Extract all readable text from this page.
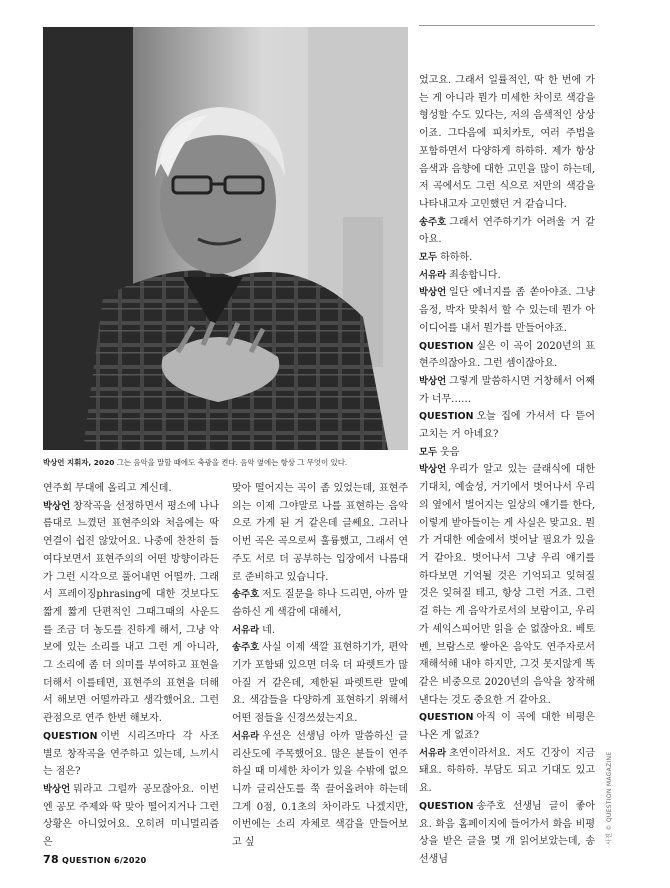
박상언 지휘자, 2020 그는 음악을 말할 때에도 축광을 켠다. 음악 옆에는 항상 그 무엇이 있다.

연주회 무대에 올리고 계신데.

박상언 창작곡을 선정하면서 평소에 나나름대로 느꼈던 표현주의와 처음에는 딱 연결이 쉽진 않았어요. 나중에 찬찬히 들여다보면서 표현주의의 어떤 방향이라든가 그런 시각으로 풀어내면 어떨까. 그래서 프레이징phrasing에 대한 것보다도 짧게 짧게 단편적인 그때그때의 사운드를 조금 더 농도를 진하게 해서, 그냥 악보에 있는 소리를 내고 그런 게 아니라, 그 소리에 좀 더 의미를 부여하고 표현을 더해서 이를테면, 표현주의 표현을 더해서 해보면 어떨까라고 생각했어요. 그런 관점으로 연주 한번 해보자.

QUESTION 이번 시리즈마다 각 사조 별로 창작곡을 연주하고 있는데, 느끼시는 점은?

박상언 뭐라고 그럴까 공모잖아요. 이번엔 공모 주제와 딱 맞아 떨어지거나 그런 상황은 아니었어요. 오히려 미니멀리즘은

맞아 떨어지는 곡이 좀 있었는데, 표현주의는 이제 그야말로 나를 표현하는 음악으로 가게 된 거 같은데 글쎄요. 그러나 이번 곡은 곡으로써 훌륭했고, 그래서 연주도 서로 더 공부하는 입장에서 나름대로 준비하고 있습니다.

송주호 저도 질문을 하나 드리면, 아까 말씀하신 게 색감에 대해서,

서유라 네.

송주호 사실 이제 색깔 표현하기가, 편악기가 포함돼 있으면 더욱 더 파렛트가 많아질 거 같은데, 제한된 파렛트란 말예요. 색감들을 다양하게 표현하기 위해서 어떤 점들을 신경쓰셨는지요.

서유라 우선은 선생님 아까 말씀하신 글리산도에 주목했어요. 많은 분들이 연주하실 때 미세한 차이가 있을 수밖에 없으니까 글리산도를 쭉 끌어올려야 하는데 그게 0점, 0.1초의 차이라도 나겠지만, 이번에는 소리 자체로 색감을 만들어보고 싶

었고요. 그래서 일률적인, 딱 한 번에 가는 게 아니라 뭔가 미세한 차이로 색감을 형성할 수도 있다는, 저의 음색적인 상상이죠. 그다음에 피치카토, 여러 주법을 포함하면서 다양하게 하하하. 제가 항상 음색과 음향에 대한 고민을 많이 하는데, 저 곡에서도 그런 식으로 저만의 색감을 나타내고자 고민했던 거 같습니다.

송주호 그래서 연주하기가 어려울 거 같아요.

모두 하하하.

서유라 죄송합니다.

박상언 일단 에너지를 좀 쏟아야죠. 그냥 음정, 박자 맞춰서 할 수 있는데 뭔가 아이디어를 내서 뭔가를 만들어야죠.

QUESTION 실은 이 곡이 2020년의 표현주의잖아요. 그런 셈이잖아요.

박상언 그렇게 말씀하시면 거창해서 어째 가 너무……

QUESTION 오늘 집에 가셔서 다 뜯어 고치는 거 아녜요?

모두 웃음

박상언 우리가 알고 있는 클래식에 대한 기대치, 예술성, 거기에서 벗어나서 우리의 옆에서 벌어지는 일상의 얘기를 한다, 이렇게 받아들이는 게 사실은 맞고요. 뭔가 거대한 예술에서 벗어날 필요가 있을 거 같아요. 벗어나서 그냥 우리 얘기를 하다보면 기억될 것은 기억되고 잊혀질 것은 잊혀질 테고, 항상 그런 거죠. 그런 걸 하는 게 음악가로서의 보람이고, 우리가 셰익스피어만 읽을 순 없잖아요. 베토벤, 브람스로 쌓아온 음악도 연주자로서 재해석해 내야 하지만, 그것 못지않게 똑같은 비중으로 2020년의 음악을 창작해 낸다는 것도 중요한 거 같아요.

QUESTION 아직 이 곡에 대한 비평은 나온 게 없죠?

서유라 초연이라서요. 저도 긴장이 지금 돼요. 하하하. 부담도 되고 기대도 있고요.

QUESTION 송주호 선생님 글이 좋아요. 화음 홈페이지에 들어가서 화음 비평상을 받은 글을 몇 개 읽어보았는데, 송 선생님

78 QUESTION 6/2020
사진 © QUESTION MAGAZINE
